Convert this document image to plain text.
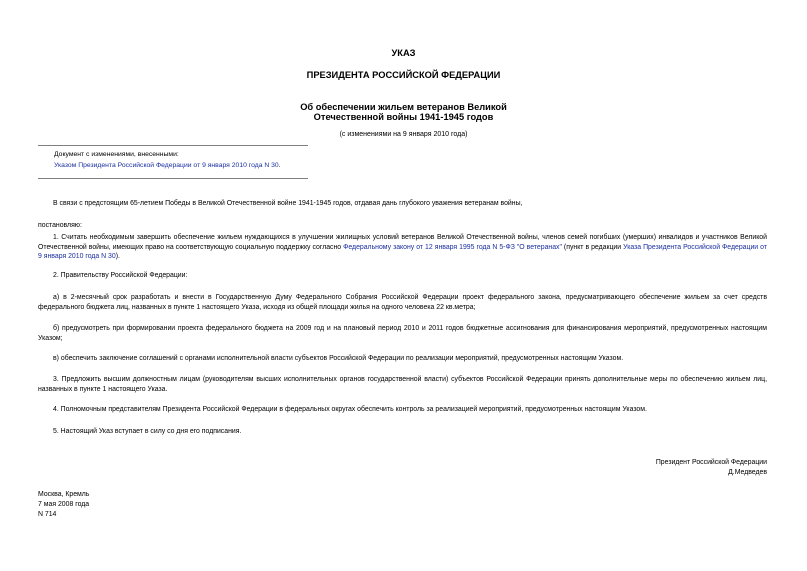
УКАЗ
ПРЕЗИДЕНТА РОССИЙСКОЙ ФЕДЕРАЦИИ
Об обеспечении жильем ветеранов Великой
Отечественной войны 1941-1945 годов
(с изменениями на 9 января 2010 года)
Документ с изменениями, внесенными:
Указом Президента Российской Федерации от 9 января 2010 года N 30.
В связи с предстоящим 65-летием Победы в Великой Отечественной войне 1941-1945 годов, отдавая дань глубокого уважения ветеранам войны,
постановляю:
1. Считать необходимым завершить обеспечение жильем нуждающихся в улучшении жилищных условий ветеранов Великой Отечественной войны, членов семей погибших (умерших) инвалидов и участников Великой Отечественной войны, имеющих право на соответствующую социальную поддержку согласно Федеральному закону от 12 января 1995 года N 5-ФЗ "О ветеранах" (пункт в редакции Указа Президента Российской Федерации от 9 января 2010 года N 30).
2. Правительству Российской Федерации:
а) в 2-месячный срок разработать и внести в Государственную Думу Федерального Собрания Российской Федерации проект федерального закона, предусматривающего обеспечение жильем за счет средств федерального бюджета лиц, названных в пункте 1 настоящего Указа, исходя из общей площади жилья на одного человека 22 кв.метра;
б) предусмотреть при формировании проекта федерального бюджета на 2009 год и на плановый период 2010 и 2011 годов бюджетные ассигнования для финансирования мероприятий, предусмотренных настоящим Указом;
в) обеспечить заключение соглашений с органами исполнительной власти субъектов Российской Федерации по реализации мероприятий, предусмотренных настоящим Указом.
3. Предложить высшим должностным лицам (руководителям высших исполнительных органов государственной власти) субъектов Российской Федерации принять дополнительные меры по обеспечению жильем лиц, названных в пункте 1 настоящего Указа.
4. Полномочным представителям Президента Российской Федерации в федеральных округах обеспечить контроль за реализацией мероприятий, предусмотренных настоящим Указом.
5. Настоящий Указ вступает в силу со дня его подписания.
Президент Российской Федерации
Д.Медведев
Москва, Кремль
7 мая 2008 года
N 714
